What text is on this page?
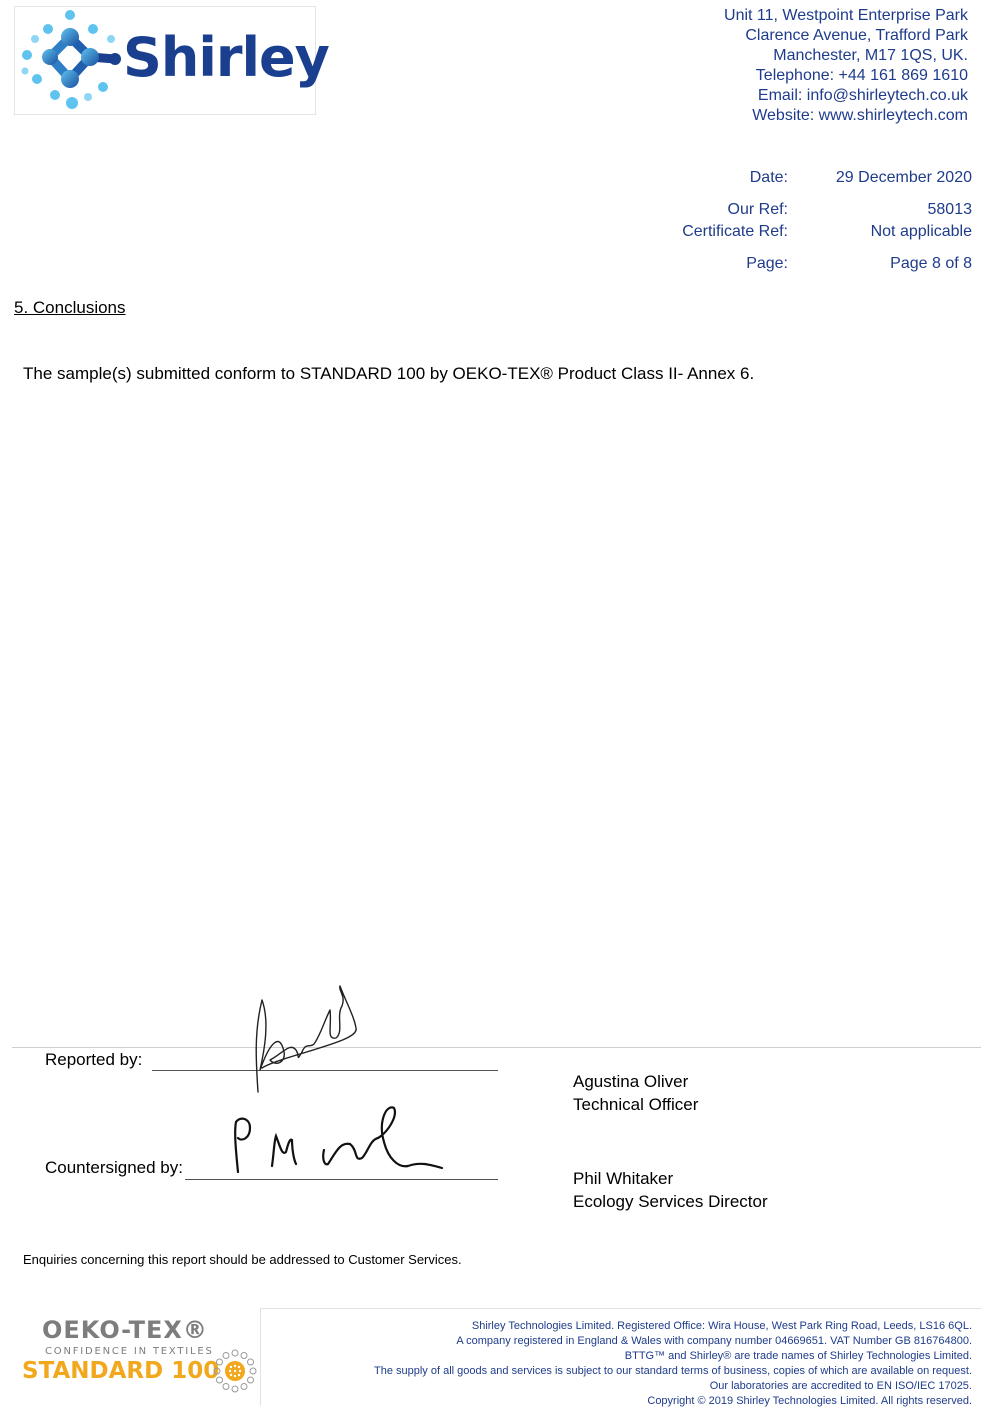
Shirley
Unit 11, Westpoint Enterprise Park
Clarence Avenue, Trafford Park
Manchester, M17 1QS, UK.
Telephone: +44 161 869 1610
Email: info@shirleytech.co.uk
Website: www.shirleytech.com
Date:	29 December 2020
Our Ref:	58013
Certificate Ref:	Not applicable
Page:	Page 8 of 8
5. Conclusions
The sample(s) submitted conform to STANDARD 100 by OEKO-TEX® Product Class II- Annex 6.
Reported by:
Agustina Oliver
Technical Officer
Countersigned by:
Phil Whitaker
Ecology Services Director
Enquiries concerning this report should be addressed to Customer Services.
OEKO-TEX®
CONFIDENCE IN TEXTILES
STANDARD 100
Shirley Technologies Limited. Registered Office: Wira House, West Park Ring Road, Leeds, LS16 6QL.
A company registered in England & Wales with company number 04669651. VAT Number GB 816764800.
BTTG™ and Shirley® are trade names of Shirley Technologies Limited.
The supply of all goods and services is subject to our standard terms of business, copies of which are available on request.
Our laboratories are accredited to EN ISO/IEC 17025.
Copyright © 2019 Shirley Technologies Limited. All rights reserved.
